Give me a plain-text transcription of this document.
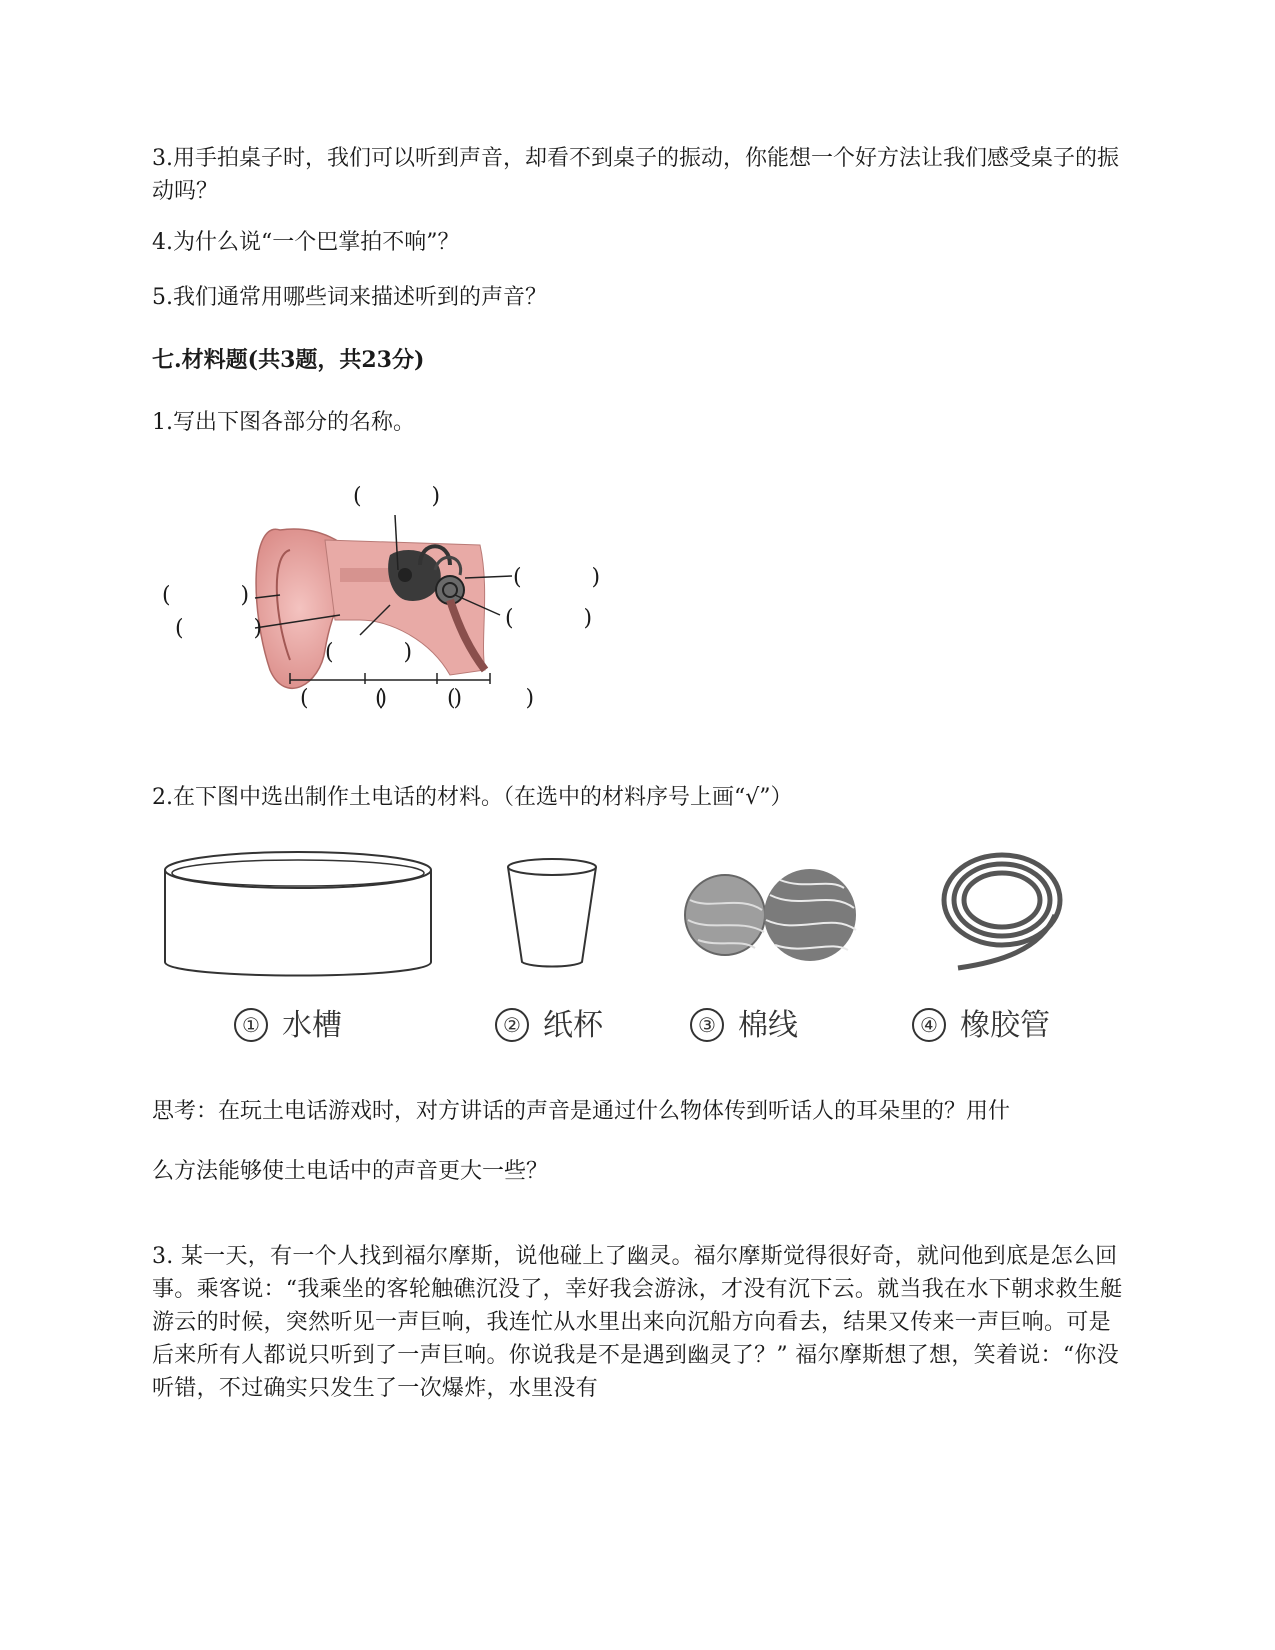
3.用手拍桌子时，我们可以听到声音，却看不到桌子的振动，你能想一个好方法让我们感受桌子的振动吗？

4.为什么说“一个巴掌拍不响”？

5.我们通常用哪些词来描述听到的声音？

七.材料题(共3题，共23分)

1.写出下图各部分的名称。

(          )
(          )
(          )
(          )
(          )
(          )
(          )
(          )
(          )

2.在下图中选出制作土电话的材料。（在选中的材料序号上画“√”）

① 水槽	② 纸杯	③ 棉线	④ 橡胶管

思考：在玩土电话游戏时，对方讲话的声音是通过什么物体传到听话人的耳朵里的？用什

么方法能够使土电话中的声音更大一些？

3. 某一天，有一个人找到福尔摩斯，说他碰上了幽灵。福尔摩斯觉得很好奇，就问他到底是怎么回事。乘客说：“我乘坐的客轮触礁沉没了，幸好我会游泳，才没有沉下云。就当我在水下朝求救生艇游云的时候，突然听见一声巨响，我连忙从水里出来向沉船方向看去，结果又传来一声巨响。可是后来所有人都说只听到了一声巨响。你说我是不是遇到幽灵了？” 福尔摩斯想了想，笑着说：“你没听错，不过确实只发生了一次爆炸，水里没有
